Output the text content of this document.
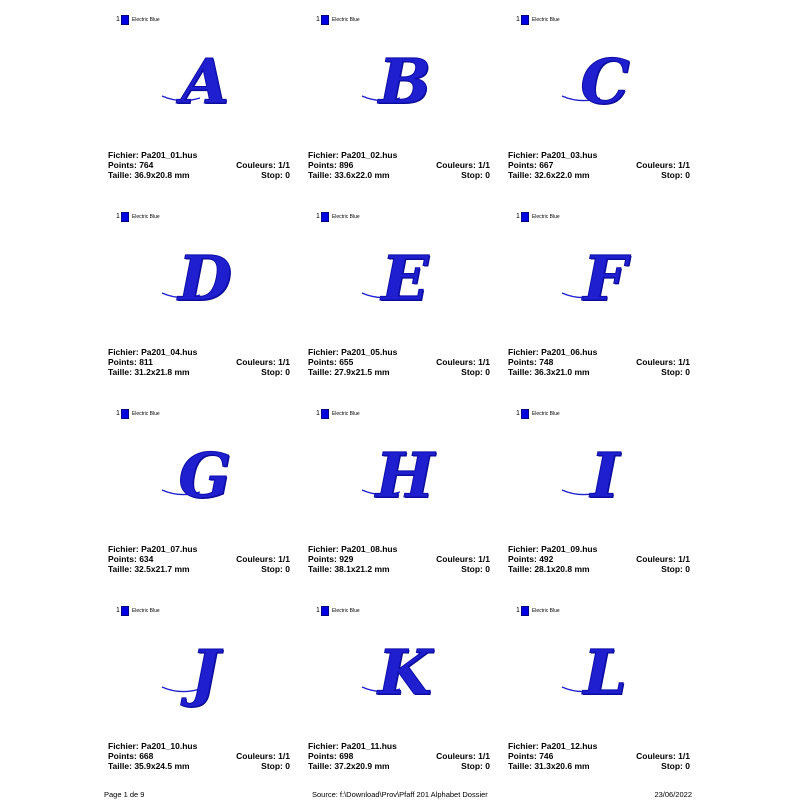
1 Electric Blue
A
Fichier: Pa201_01.hus
Points: 764	Couleurs: 1/1
Taille: 36.9x20.8 mm	Stop: 0
1 Electric Blue
B
Fichier: Pa201_02.hus
Points: 896	Couleurs: 1/1
Taille: 33.6x22.0 mm	Stop: 0
1 Electric Blue
C
Fichier: Pa201_03.hus
Points: 667	Couleurs: 1/1
Taille: 32.6x22.0 mm	Stop: 0
1 Electric Blue
D
Fichier: Pa201_04.hus
Points: 811	Couleurs: 1/1
Taille: 31.2x21.8 mm	Stop: 0
1 Electric Blue
E
Fichier: Pa201_05.hus
Points: 655	Couleurs: 1/1
Taille: 27.9x21.5 mm	Stop: 0
1 Electric Blue
F
Fichier: Pa201_06.hus
Points: 748	Couleurs: 1/1
Taille: 36.3x21.0 mm	Stop: 0
1 Electric Blue
G
Fichier: Pa201_07.hus
Points: 634	Couleurs: 1/1
Taille: 32.5x21.7 mm	Stop: 0
1 Electric Blue
H
Fichier: Pa201_08.hus
Points: 929	Couleurs: 1/1
Taille: 38.1x21.2 mm	Stop: 0
1 Electric Blue
I
Fichier: Pa201_09.hus
Points: 492	Couleurs: 1/1
Taille: 28.1x20.8 mm	Stop: 0
1 Electric Blue
J
Fichier: Pa201_10.hus
Points: 668	Couleurs: 1/1
Taille: 35.9x24.5 mm	Stop: 0
1 Electric Blue
K
Fichier: Pa201_11.hus
Points: 698	Couleurs: 1/1
Taille: 37.2x20.9 mm	Stop: 0
1 Electric Blue
L
Fichier: Pa201_12.hus
Points: 746	Couleurs: 1/1
Taille: 31.3x20.6 mm	Stop: 0
Page 1 de 9	Source: f:\Download\Prov\Pfaff 201 Alphabet Dossier	23/06/2022
